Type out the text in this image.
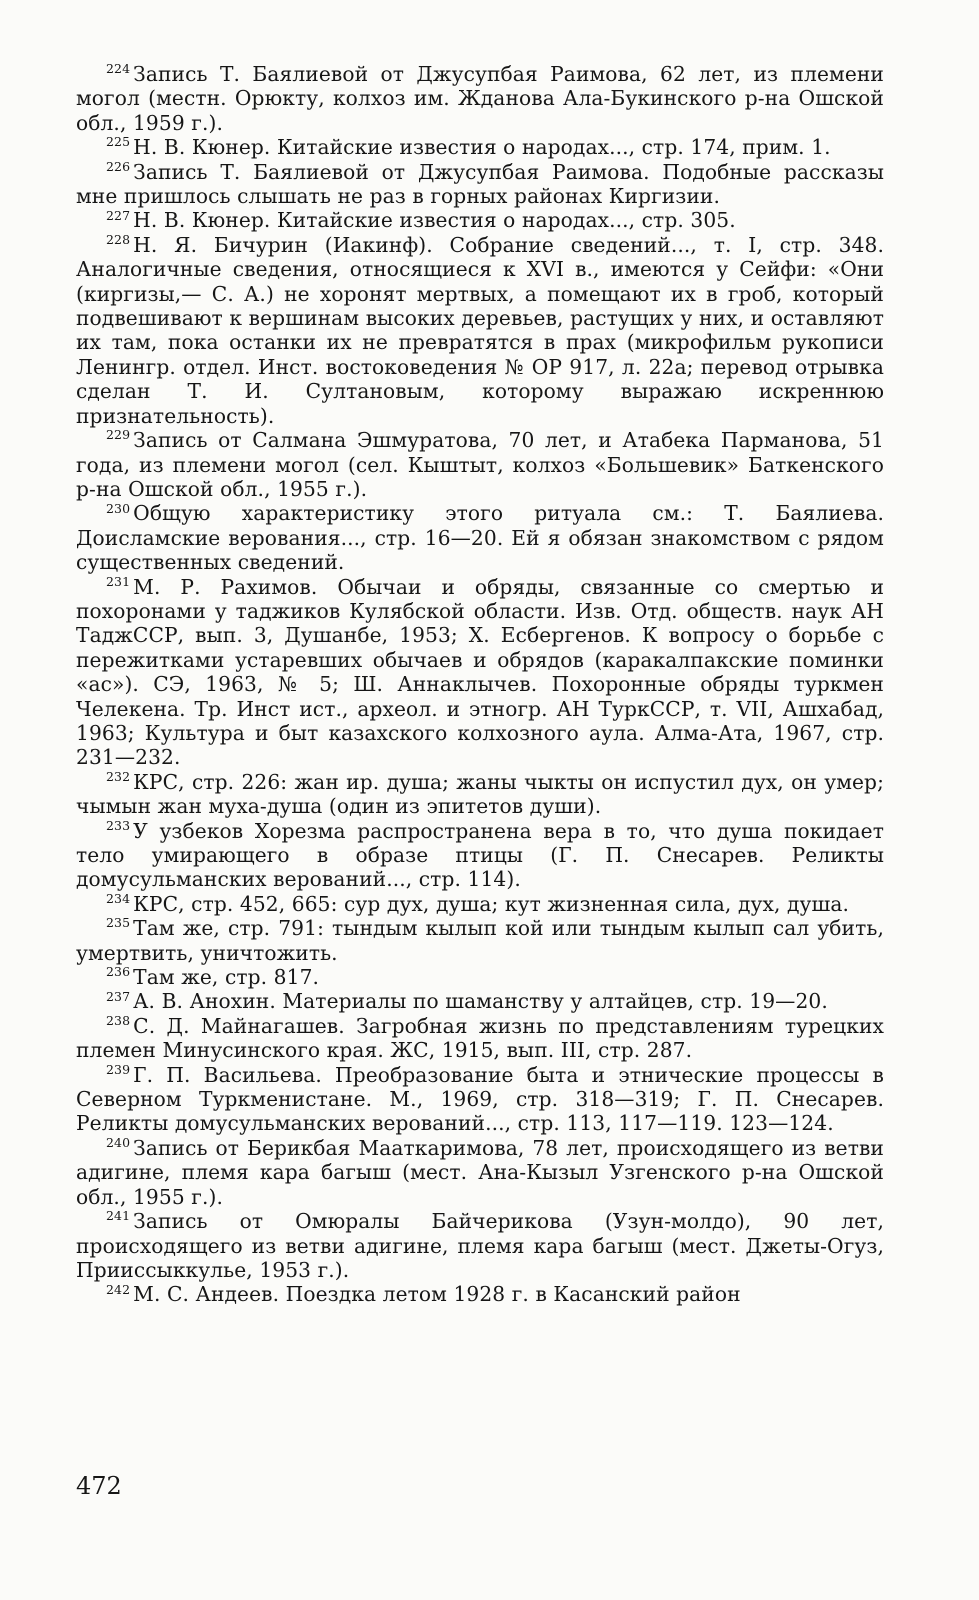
$^{224}$ Запись Т. Баялиевой от Джусупбая Раимова, 62 лет, из племени могол (местн. Орюкту, колхоз им. Жданова Ала-Букинского р-на Ошской обл., 1959 г.).

$^{225}$ Н. В. Кюнер. Китайские известия о народах..., стр. 174, прим. 1.

$^{226}$ Запись Т. Баялиевой от Джусупбая Раимова. Подобные рассказы мне пришлось слышать не раз в горных районах Киргизии.

$^{227}$ Н. В. Кюнер. Китайские известия о народах..., стр. 305.

$^{228}$ Н. Я. Бичурин (Иакинф). Собрание сведений..., т. I, стр. 348. Аналогичные сведения, относящиеся к XVI в., имеются у Сейфи: «Они (киргизы,— С. А.) не хоронят мертвых, а помещают их в гроб, который подвешивают к вершинам высоких деревьев, растущих у них, и оставляют их там, пока останки их не превратятся в прах (микрофильм рукописи Ленингр. отдел. Инст. востоковедения № ОР 917, л. 22а; перевод отрывка сделан Т. И. Султановым, которому выражаю искреннюю признательность).

$^{229}$ Запись от Салмана Эшмуратова, 70 лет, и Атабека Парманова, 51 года, из племени могол (сел. Кыштыт, колхоз «Большевик» Баткенского р-на Ошской обл., 1955 г.).

$^{230}$ Общую характеристику этого ритуала см.: Т. Баялиева. Доисламские верования..., стр. 16—20. Ей я обязан знакомством с рядом существенных сведений.

$^{231}$ М. Р. Рахимов. Обычаи и обряды, связанные со смертью и похоронами у таджиков Кулябской области. Изв. Отд. обществ. наук АН ТаджССР, вып. 3, Душанбе, 1953; Х. Есбергенов. К вопросу о борьбе с пережитками устаревших обычаев и обрядов (каракалпакские поминки «ас»). СЭ, 1963, № 5; Ш. Аннаклычев. Похоронные обряды туркмен Челекена. Тр. Инст ист., археол. и этногр. АН ТуркССР, т. VII, Ашхабад, 1963; Культура и быт казахского колхозного аула. Алма-Ата, 1967, стр. 231—232.

$^{232}$ КРС, стр. 226: жан ир. душа; жаны чыкты он испустил дух, он умер; чымын жан муха-душа (один из эпитетов души).

$^{233}$ У узбеков Хорезма распространена вера в то, что душа покидает тело умирающего в образе птицы (Г. П. Снесарев. Реликты домусульманских верований..., стр. 114).

$^{234}$ КРС, стр. 452, 665: сур дух, душа; кут жизненная сила, дух, душа.

$^{235}$ Там же, стр. 791: тындым кылып кой или тындым кылып сал убить, умертвить, уничтожить.

$^{236}$ Там же, стр. 817.

$^{237}$ А. В. Анохин. Материалы по шаманству у алтайцев, стр. 19—20.

$^{238}$ С. Д. Майнагашев. Загробная жизнь по представлениям турецких племен Минусинского края. ЖС, 1915, вып. III, стр. 287.

$^{239}$ Г. П. Васильева. Преобразование быта и этнические процессы в Северном Туркменистане. М., 1969, стр. 318—319; Г. П. Снесарев. Реликты домусульманских верований..., стр. 113, 117—119. 123—124.

$^{240}$ Запись от Берикбая Мааткаримова, 78 лет, происходящего из ветви адигине, племя кара багыш (мест. Ана-Кызыл Узгенского р-на Ошской обл., 1955 г.).

$^{241}$ Запись от Омюралы Байчерикова (Узун-молдо), 90 лет, происходящего из ветви адигине, племя кара багыш (мест. Джеты-Огуз, Прииссыккулье, 1953 г.).

$^{242}$ М. С. Андеев. Поездка летом 1928 г. в Касанский район

472
